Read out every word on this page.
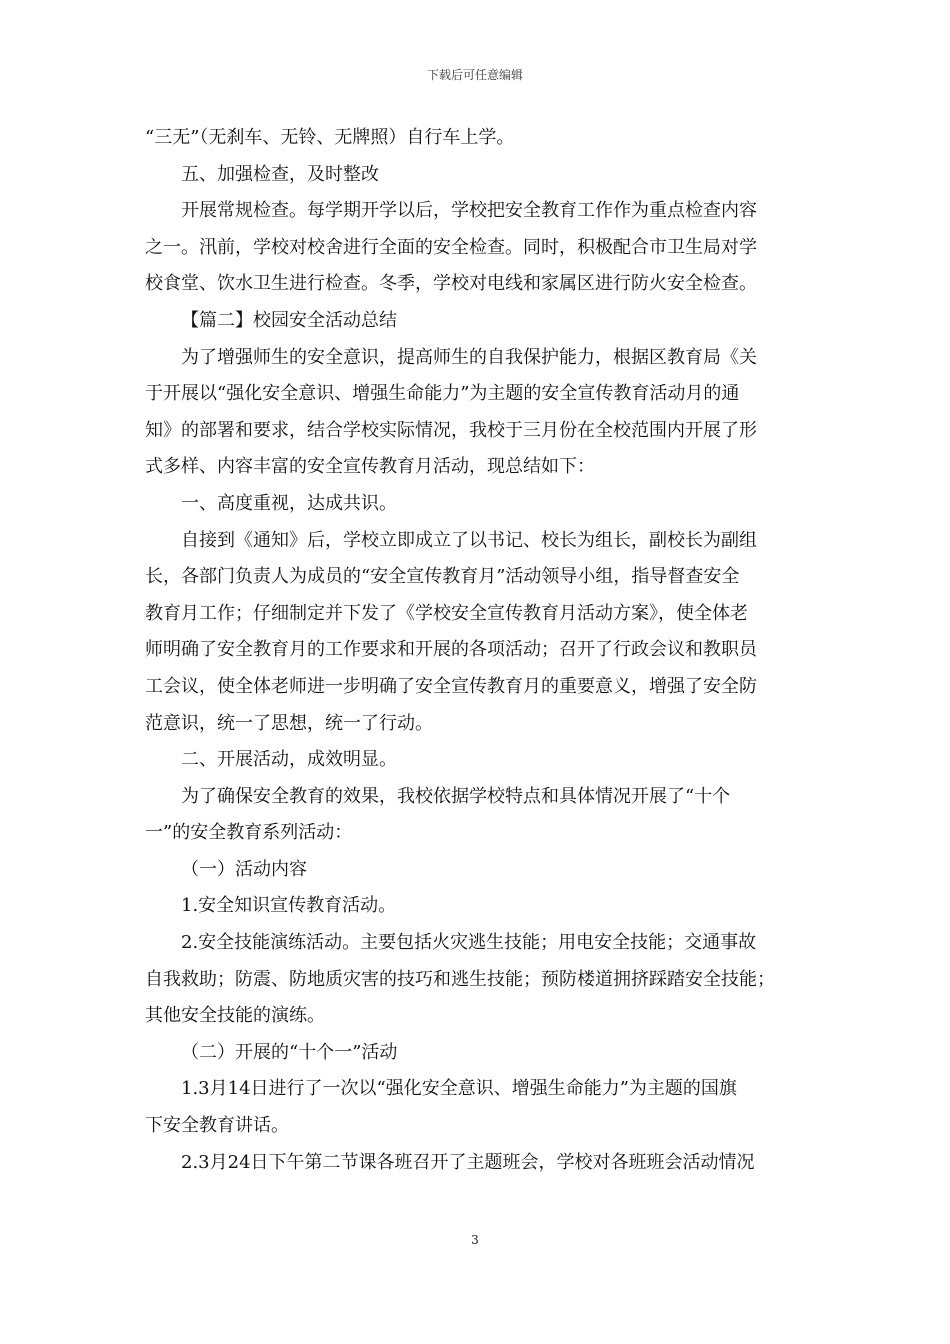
下载后可任意编辑

“三无”（无刹车、无铃、无牌照）自行车上学。

五、加强检查，及时整改

开展常规检查。每学期开学以后，学校把安全教育工作作为重点检查内容

之一。汛前，学校对校舍进行全面的安全检查。同时，积极配合市卫生局对学

校食堂、饮水卫生进行检查。冬季，学校对电线和家属区进行防火安全检查。

【篇二】校园安全活动总结

为了增强师生的安全意识，提高师生的自我保护能力，根据区教育局《关

于开展以“强化安全意识、增强生命能力”为主题的安全宣传教育活动月的通

知》的部署和要求，结合学校实际情况，我校于三月份在全校范围内开展了形

式多样、内容丰富的安全宣传教育月活动，现总结如下：

一、高度重视，达成共识。

自接到《通知》后，学校立即成立了以书记、校长为组长，副校长为副组

长，各部门负责人为成员的“安全宣传教育月”活动领导小组，指导督查安全

教育月工作；仔细制定并下发了《学校安全宣传教育月活动方案》，使全体老

师明确了安全教育月的工作要求和开展的各项活动；召开了行政会议和教职员

工会议，使全体老师进一步明确了安全宣传教育月的重要意义，增强了安全防

范意识，统一了思想，统一了行动。

二、开展活动，成效明显。

为了确保安全教育的效果，我校依据学校特点和具体情况开展了“十个

一”的安全教育系列活动：

（一）活动内容

1.安全知识宣传教育活动。

2.安全技能演练活动。主要包括火灾逃生技能；用电安全技能；交通事故

自我救助；防震、防地质灾害的技巧和逃生技能；预防楼道拥挤踩踏安全技能；

其他安全技能的演练。

（二）开展的“十个一”活动

1.3月14日进行了一次以“强化安全意识、增强生命能力”为主题的国旗

下安全教育讲话。

2.3月24日下午第二节课各班召开了主题班会，学校对各班班会活动情况

3
